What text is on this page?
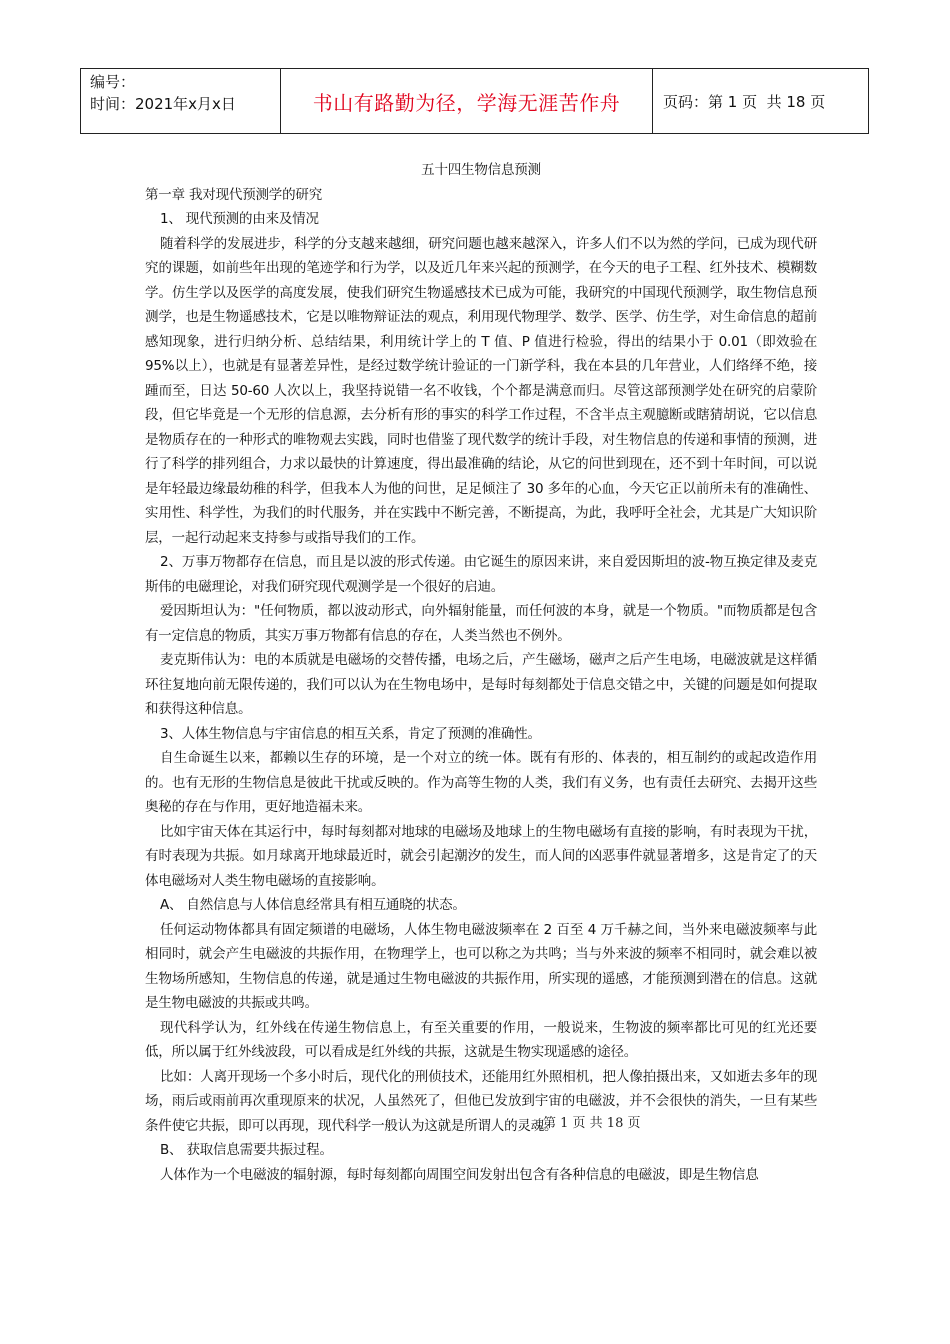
编号：
时间：2021年x月x日	书山有路勤为径，学海无涯苦作舟	页码：第 1 页  共 18 页

五十四生物信息预测

第一章 我对现代预测学的研究

1、 现代预测的由来及情况

随着科学的发展进步，科学的分支越来越细，研究问题也越来越深入，许多人们不以为然的学问，已成为现代研究的课题，如前些年出现的笔迹学和行为学，以及近几年来兴起的预测学，在今天的电子工程、红外技术、模糊数学。仿生学以及医学的高度发展，使我们研究生物遥感技术已成为可能，我研究的中国现代预测学，取生物信息预测学，也是生物遥感技术，它是以唯物辩证法的观点，利用现代物理学、数学、医学、仿生学，对生命信息的超前感知现象，进行归纳分析、总结结果，利用统计学上的 T 值、P 值进行检验，得出的结果小于 0.01（即效验在 95%以上），也就是有显著差异性，是经过数学统计验证的一门新学科，我在本县的几年营业，人们络绎不绝，接踵而至，日达 50-60 人次以上，我坚持说错一名不收钱，个个都是满意而归。尽管这部预测学处在研究的启蒙阶段，但它毕竟是一个无形的信息源，去分析有形的事实的科学工作过程，不含半点主观臆断或瞎猜胡说，它以信息是物质存在的一种形式的唯物观去实践，同时也借鉴了现代数学的统计手段，对生物信息的传递和事情的预测，进行了科学的排列组合，力求以最快的计算速度，得出最准确的结论，从它的问世到现在，还不到十年时间，可以说是年轻最边缘最幼稚的科学，但我本人为他的问世，足足倾注了 30 多年的心血，今天它正以前所未有的准确性、实用性、科学性，为我们的时代服务，并在实践中不断完善，不断提高，为此，我呼吁全社会，尤其是广大知识阶层，一起行动起来支持参与或指导我们的工作。

2、万事万物都存在信息，而且是以波的形式传递。由它诞生的原因来讲，来自爱因斯坦的波-物互换定律及麦克斯伟的电磁理论，对我们研究现代观测学是一个很好的启迪。

爱因斯坦认为："任何物质，都以波动形式，向外辐射能量，而任何波的本身，就是一个物质。"而物质都是包含有一定信息的物质，其实万事万物都有信息的存在，人类当然也不例外。

麦克斯伟认为：电的本质就是电磁场的交替传播，电场之后，产生磁场，磁声之后产生电场，电磁波就是这样循环往复地向前无限传递的，我们可以认为在生物电场中，是每时每刻都处于信息交错之中，关键的问题是如何提取和获得这种信息。

3、人体生物信息与宇宙信息的相互关系，肯定了预测的准确性。

自生命诞生以来，都赖以生存的环境，是一个对立的统一体。既有有形的、体表的，相互制约的或起改造作用的。也有无形的生物信息是彼此干扰或反映的。作为高等生物的人类，我们有义务，也有责任去研究、去揭开这些奥秘的存在与作用，更好地造福未来。

比如宇宙天体在其运行中，每时每刻都对地球的电磁场及地球上的生物电磁场有直接的影响，有时表现为干扰，有时表现为共振。如月球离开地球最近时，就会引起潮汐的发生，而人间的凶恶事件就显著增多，这是肯定了的天体电磁场对人类生物电磁场的直接影响。

A、 自然信息与人体信息经常具有相互通晓的状态。

任何运动物体都具有固定频谱的电磁场，人体生物电磁波频率在 2 百至 4 万千赫之间，当外来电磁波频率与此相同时，就会产生电磁波的共振作用，在物理学上，也可以称之为共鸣；当与外来波的频率不相同时，就会难以被生物场所感知，生物信息的传递，就是通过生物电磁波的共振作用，所实现的遥感，才能预测到潜在的信息。这就是生物电磁波的共振或共鸣。

现代科学认为，红外线在传递生物信息上，有至关重要的作用，一般说来，生物波的频率都比可见的红光还要低，所以属于红外线波段，可以看成是红外线的共振，这就是生物实现遥感的途径。

比如：人离开现场一个多小时后，现代化的刑侦技术，还能用红外照相机，把人像拍摄出来，又如逝去多年的现场，雨后或雨前再次重现原来的状况，人虽然死了，但他已发放到宇宙的电磁波，并不会很快的消失，一旦有某些条件使它共振，即可以再现，现代科学一般认为这就是所谓人的灵魂。

B、 获取信息需要共振过程。

人体作为一个电磁波的辐射源，每时每刻都向周围空间发射出包含有各种信息的电磁波，即是生物信息

第 1 页 共 18 页
